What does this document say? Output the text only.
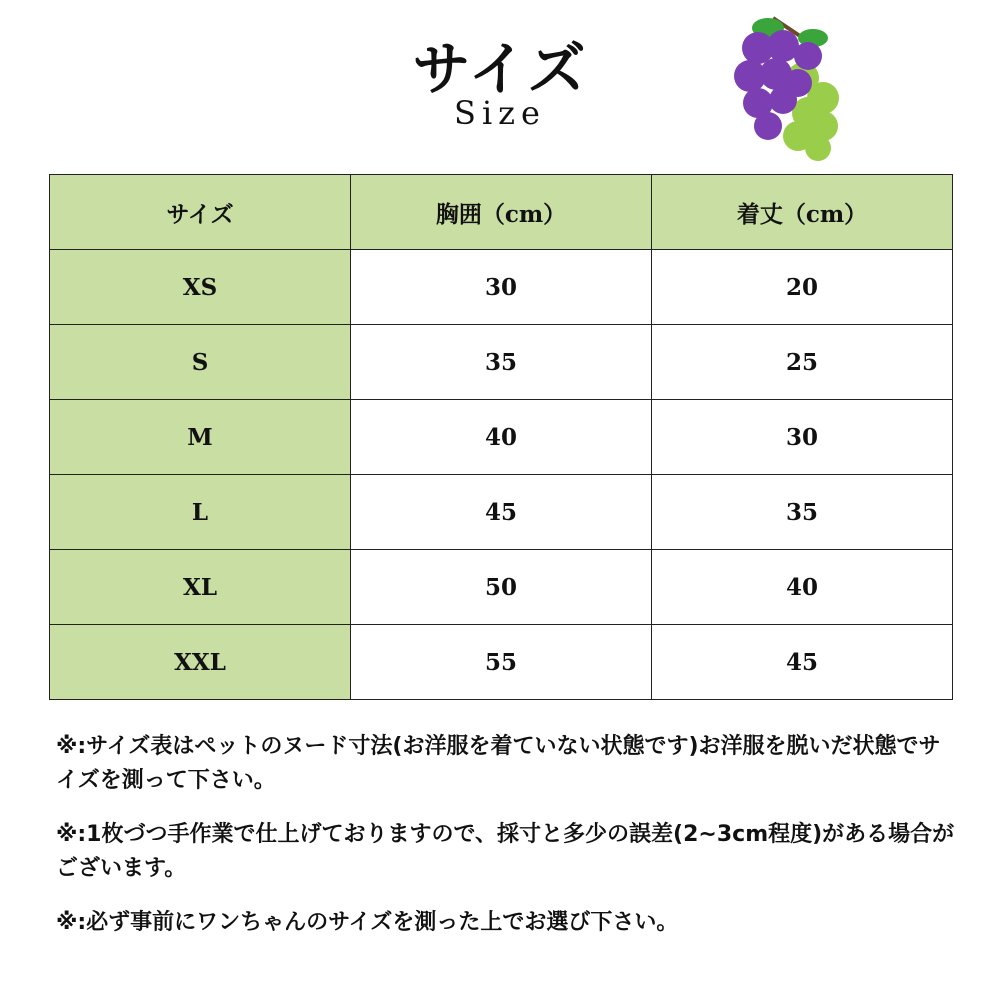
サイズ
Size
サイズ	胸囲（cm）	着丈（cm）
XS	30	20
S	35	25
M	40	30
L	45	35
XL	50	40
XXL	55	45

※:サイズ表はペットのヌード寸法(お洋服を着ていない状態です)お洋服を脱いだ状態でサイズを測って下さい。

※:1枚づつ手作業で仕上げておりますので、採寸と多少の誤差(2~3cm程度)がある場合がございます。

※:必ず事前にワンちゃんのサイズを測った上でお選び下さい。
